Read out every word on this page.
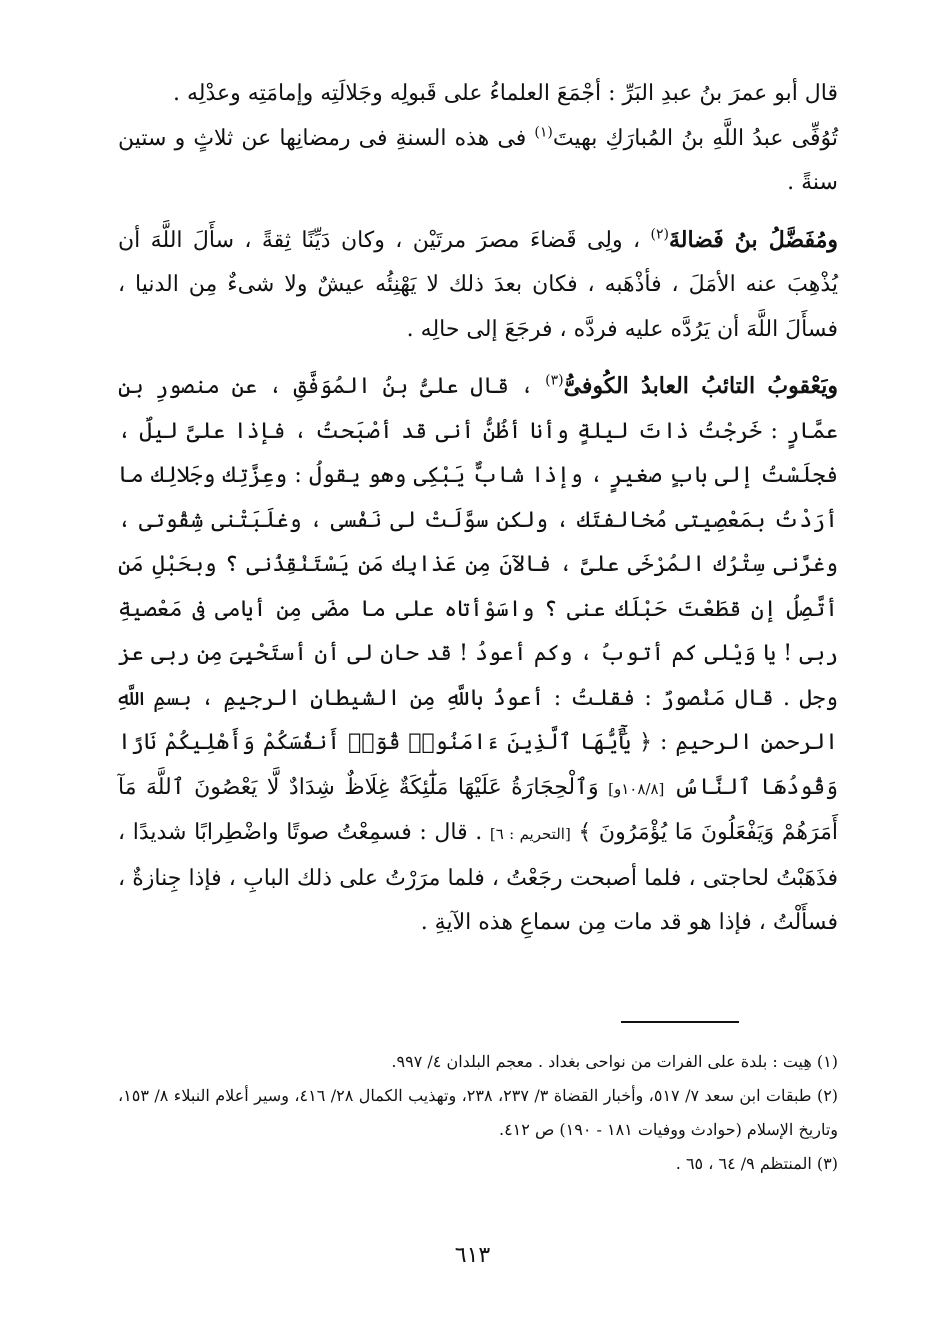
قال أبو عمرَ بنُ عبدِ البَرِّ : أجْمَعَ العلماءُ على قَبولِه وجَلالَتِه وإمامَتِه وعدْلِه .

تُوُفِّى عبدُ اللَّهِ بنُ المُبارَكِ بهيتَ$^{(١)}$ فى هذه السنةِ فى رمضانِها عن ثلاثٍ و ستين سنةً .

ومُفَضَّلُ بنُ فَضالةَ$^{(٢)}$ ، ولِى قَضاءَ مصرَ مرتَيْن ، وكان دَيِّنًا ثِقةً ، سأَلَ اللَّهَ أن يُذْهِبَ عنه الأمَلَ ، فأذْهَبه ، فكان بعدَ ذلك لا يَهْنِئُه عيشٌ ولا شىءٌ مِن الدنيا ، فسأَلَ اللَّهَ أن يَرُدَّه عليه فردَّه ، فرجَعَ إلى حالِه .

ويَعْقوبُ التائبُ العابدُ الكُوفىُّ$^{(٣)}$ ، قال علىُّ بنُ المُوَفَّقِ ، عن منصورِ بنِ عمَّارٍ : خَرجْتُ ذاتَ ليلةٍ وأنا أظُنُّ أنى قد أصْبَحتُ ، فإذا علىَّ ليلٌ ، فجلَسْتُ إلى بابٍ صغيرٍ ، وإذا شابٌّ يَبْكِى وهو يقولُ : وعِزَّتِك وجَلالِك ما أرَدْتُ بمَعْصِيتى مُخالفتَك ، ولكن سوَّلَتْ لى نَفْسى ، وغلَبَتْنى شِقْوتى ، وغرَّنى سِتْرُك المُرْخَى علىَّ ، فالآنَ مِن عَذابِك مَن يَسْتَنْقِذُنى ؟ وبحَبْلِ مَن أتَّصِلُ إن قطَعْتَ حَبْلَك عنى ؟ واسَوْأتاه على ما مضَى مِن أيامى فى مَعْصيةِ ربى ! يا وَيْلى كم أتوبُ ، وكم أعودُ ! قد حان لى أن أستَحْيِىَ مِن ربى عز وجل . قال مَنْصورٌ : فقلتُ : أعوذُ باللَّهِ مِن الشيطانِ الرجيمِ ، بسمِ اللَّهِ الرحمنِ الرحيمِ : ﴿ يَٰٓأَيُّهَا ٱلَّذِينَ ءَامَنُوا۟ قُوٓا۟ أَنفُسَكُمْ وَأَهْلِيكُمْ نَارًا وَقُودُهَا ٱلنَّاسُ [١٠٨/٨و] وَٱلْحِجَارَةُ عَلَيْهَا مَلَٰٓئِكَةٌ غِلَاظٌ شِدَادٌ لَّا يَعْصُونَ ٱللَّهَ مَآ أَمَرَهُمْ وَيَفْعَلُونَ مَا يُؤْمَرُونَ ﴾ [التحريم : ٦] . قال : فسمِعْتُ صوتًا واضْطِرابًا شديدًا ، فذَهَبْتُ لحاجتى ، فلما أصبحت رجَعْتُ ، فلما مرَرْتُ على ذلك البابِ ، فإذا جِنازةٌ ، فسأَلْتُ ، فإذا هو قد مات مِن سماعِ هذه الآيةِ .

(١) هِيت : بلدة على الفرات من نواحى بغداد . معجم البلدان ٤/ ٩٩٧.

(٢) طبقات ابن سعد ٧/ ٥١٧، وأخبار القضاة ٣/ ٢٣٧، ٢٣٨، وتهذيب الكمال ٢٨/ ٤١٦، وسير أعلام النبلاء ٨/ ١٥٣، وتاريخ الإسلام (حوادث ووفيات ١٨١ - ١٩٠) ص ٤١٢.

(٣) المنتظم ٩/ ٦٤ ، ٦٥ .

٦١٣
